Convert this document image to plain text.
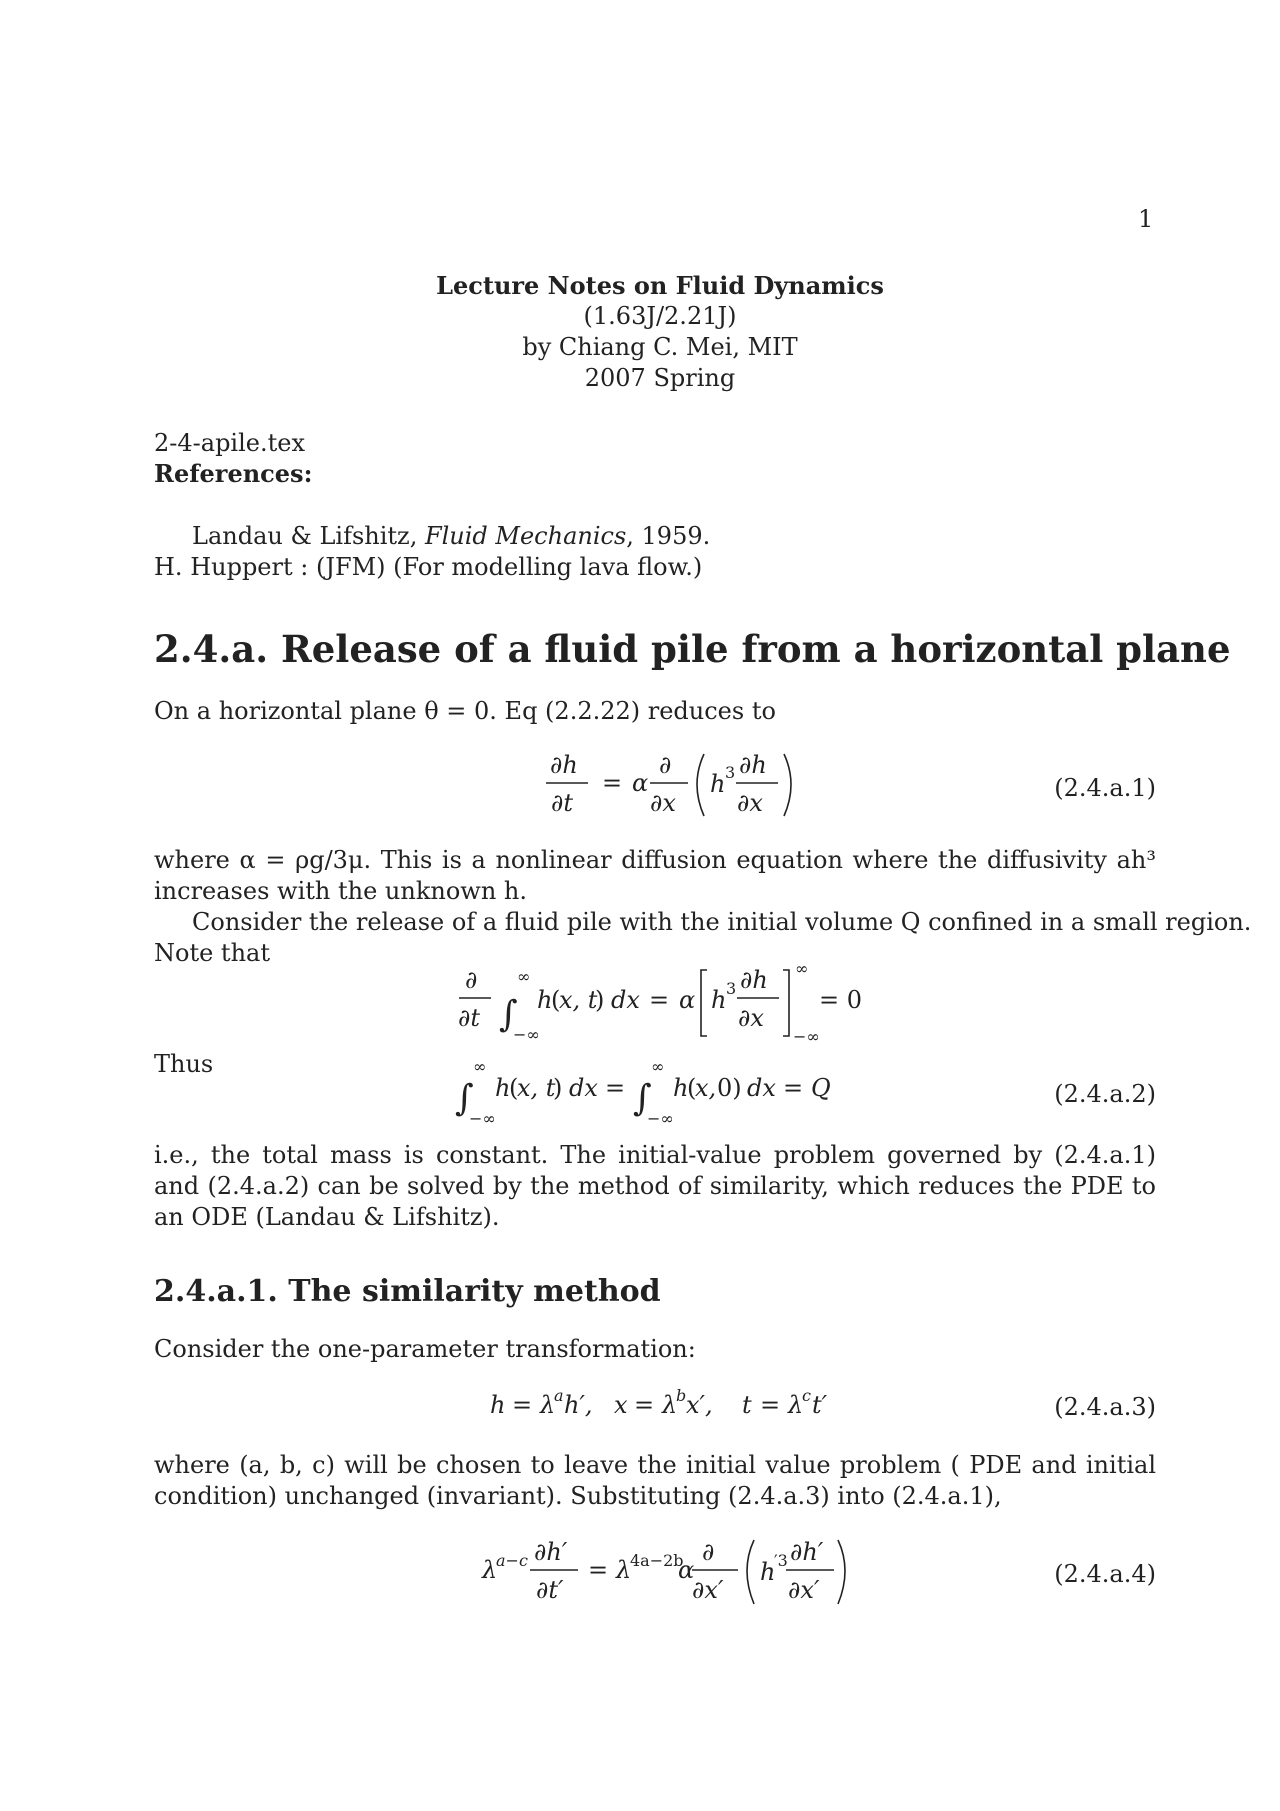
1
Lecture Notes on Fluid Dynamics
(1.63J/2.21J)
by Chiang C. Mei, MIT
2007 Spring
2-4-apile.tex
References:
Landau & Lifshitz, Fluid Mechanics, 1959.
H. Huppert : (JFM) (For modelling lava flow.)
2.4.a. Release of a fluid pile from a horizontal plane
On a horizontal plane θ = 0. Eq (2.2.22) reduces to
∂h
∂t
= α
∂
∂x
h 3 ∂h
∂x
(2.4.a.1)
where α = ρg/3μ. This is a nonlinear diffusion equation where the diffusivity ah³ increases with the unknown h.
Consider the release of a fluid pile with the initial volume Q confined in a small region.
Note that
∂
∂t ∫
∞
−∞
h
(
x, t
) dx = α h 3 ∂h
∂x
∞
−∞
= 0
Thus
∫
∞
−∞
h
(
x, t
) dx = ∫
∞
−∞
h
(
x, 0) dx = Q	(2.4.a.2)
i.e., the total mass is constant. The initial-value problem governed by (2.4.a.1) and (2.4.a.2) can be solved by the method of similarity, which reduces the PDE to an ODE (Landau & Lifshitz).
2.4.a.1. The similarity method
Consider the one-parameter transformation:
h = λ
a h′, x = λ
b x′, t = λ
c t′	(2.4.a.3)
where (a, b, c) will be chosen to leave the initial value problem ( PDE and initial condition) unchanged (invariant). Substituting (2.4.a.3) into (2.4.a.1),
λ
a−c ∂h′
∂t′
= λ
4a−2b
α
∂
∂x′
h
′3 ∂h′
∂x′
(2.4.a.4)
